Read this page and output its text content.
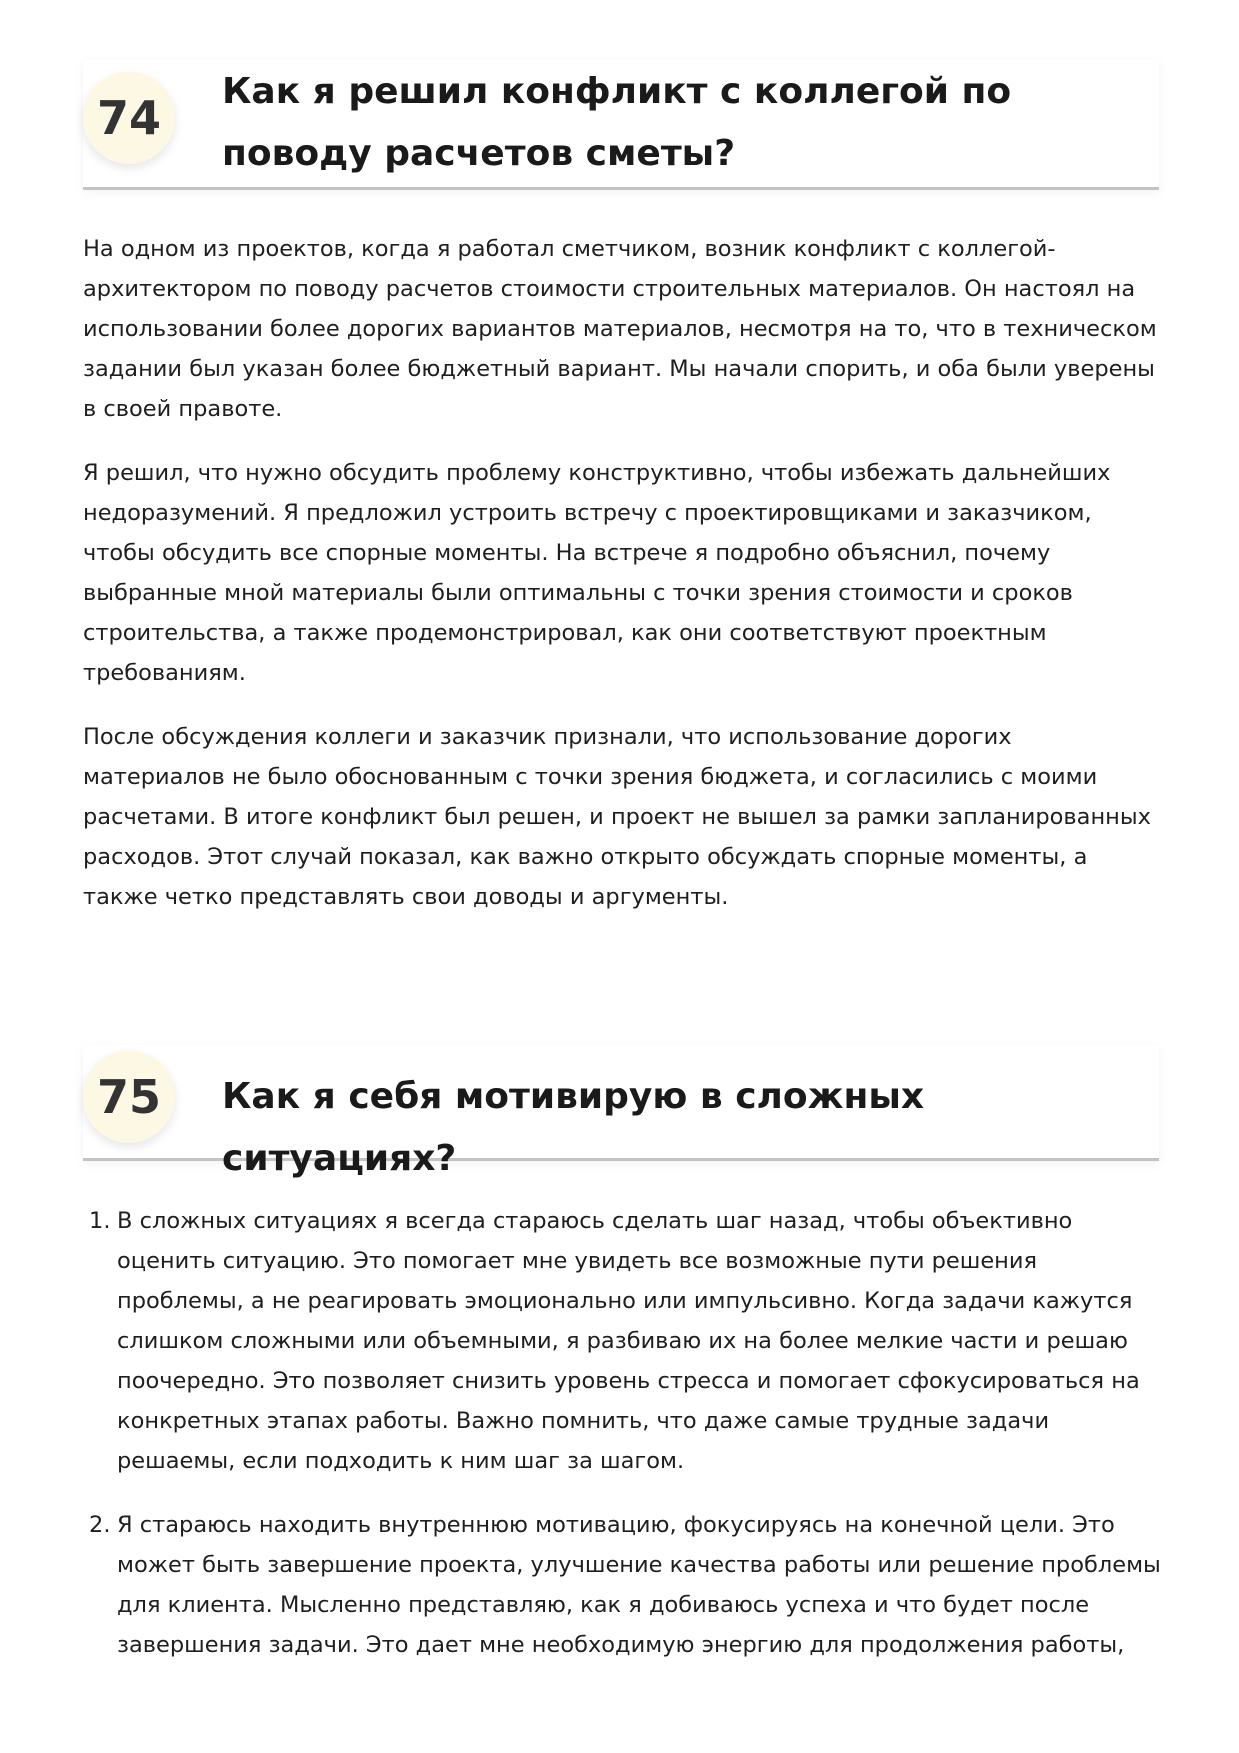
74	Как я решил конфликт с коллегой по поводу расчетов сметы?

На одном из проектов, когда я работал сметчиком, возник конфликт с коллегой-архитектором по поводу расчетов стоимости строительных материалов. Он настоял на использовании более дорогих вариантов материалов, несмотря на то, что в техническом задании был указан более бюджетный вариант. Мы начали спорить, и оба были уверены в своей правоте.

Я решил, что нужно обсудить проблему конструктивно, чтобы избежать дальнейших недоразумений. Я предложил устроить встречу с проектировщиками и заказчиком, чтобы обсудить все спорные моменты. На встрече я подробно объяснил, почему выбранные мной материалы были оптимальны с точки зрения стоимости и сроков строительства, а также продемонстрировал, как они соответствуют проектным требованиям.

После обсуждения коллеги и заказчик признали, что использование дорогих материалов не было обоснованным с точки зрения бюджета, и согласились с моими расчетами. В итоге конфликт был решен, и проект не вышел за рамки запланированных расходов. Этот случай показал, как важно открыто обсуждать спорные моменты, а также четко представлять свои доводы и аргументы.

75	Как я себя мотивирую в сложных ситуациях?
1. В сложных ситуациях я всегда стараюсь сделать шаг назад, чтобы объективно оценить ситуацию. Это помогает мне увидеть все возможные пути решения проблемы, а не реагировать эмоционально или импульсивно. Когда задачи кажутся слишком сложными или объемными, я разбиваю их на более мелкие части и решаю поочередно. Это позволяет снизить уровень стресса и помогает сфокусироваться на конкретных этапах работы. Важно помнить, что даже самые трудные задачи решаемы, если подходить к ним шаг за шагом.
2. Я стараюсь находить внутреннюю мотивацию, фокусируясь на конечной цели. Это может быть завершение проекта, улучшение качества работы или решение проблемы для клиента. Мысленно представляю, как я добиваюсь успеха и что будет после завершения задачи. Это дает мне необходимую энергию для продолжения работы,
